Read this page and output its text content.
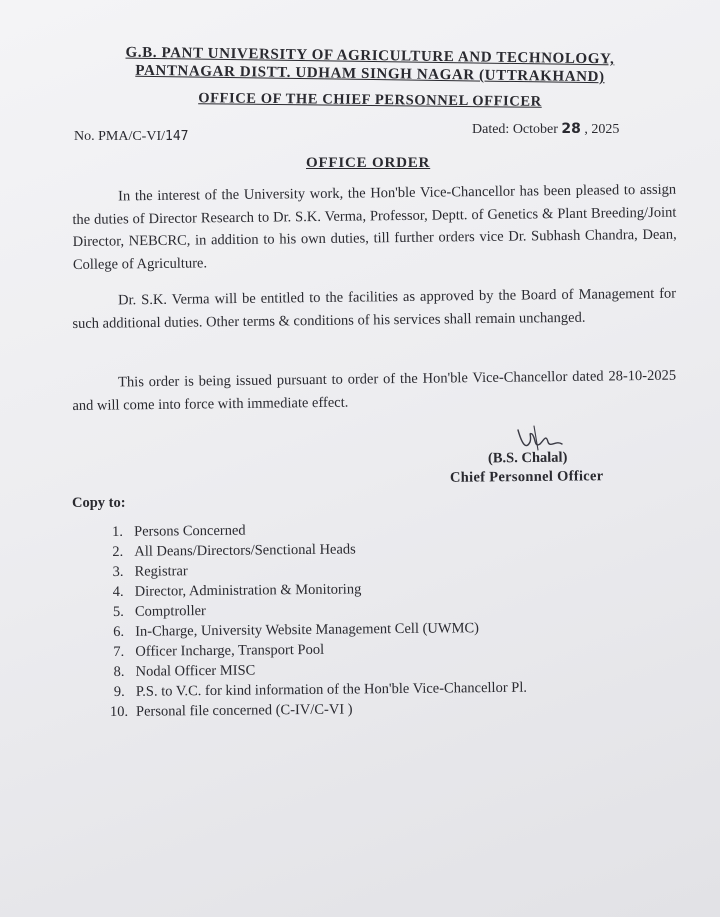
G.B. PANT UNIVERSITY OF AGRICULTURE AND TECHNOLOGY,
PANTNAGAR DISTT. UDHAM SINGH NAGAR (UTTRAKHAND)
OFFICE OF THE CHIEF PERSONNEL OFFICER
No. PMA/C-VI/147	Dated: October 28 , 2025
OFFICE ORDER
In the interest of the University work, the Hon'ble Vice-Chancellor has been pleased to assign the duties of Director Research to Dr. S.K. Verma, Professor, Deptt. of Genetics & Plant Breeding/Joint Director, NEBCRC, in addition to his own duties, till further orders vice Dr. Subhash Chandra, Dean, College of Agriculture.
Dr. S.K. Verma will be entitled to the facilities as approved by the Board of Management for such additional duties. Other terms & conditions of his services shall remain unchanged.
This order is being issued pursuant to order of the Hon'ble Vice-Chancellor dated 28-10-2025 and will come into force with immediate effect.
(B.S. Chalal)
Chief Personnel Officer
Copy to:
1. Persons Concerned
2. All Deans/Directors/Senctional Heads
3. Registrar
4. Director, Administration & Monitoring
5. Comptroller
6. In-Charge, University Website Management Cell (UWMC)
7. Officer Incharge, Transport Pool
8. Nodal Officer MISC
9. P.S. to V.C. for kind information of the Hon'ble Vice-Chancellor Pl.
10. Personal file concerned (C-IV/C-VI )
